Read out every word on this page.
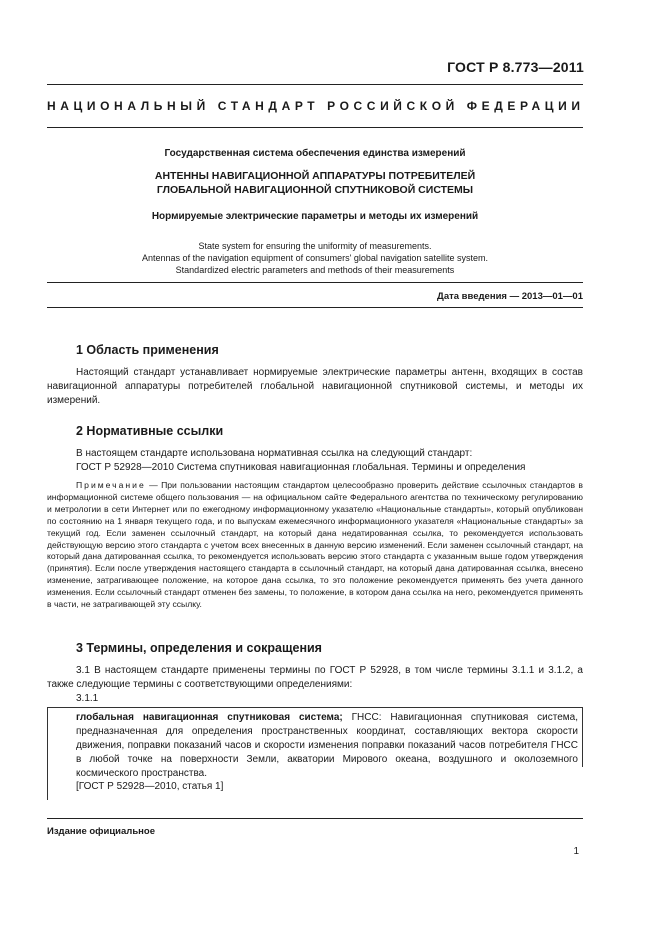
ГОСТ Р 8.773—2011
НАЦИОНАЛЬНЫЙ СТАНДАРТ РОССИЙСКОЙ ФЕДЕРАЦИИ
Государственная система обеспечения единства измерений
АНТЕННЫ НАВИГАЦИОННОЙ АППАРАТУРЫ ПОТРЕБИТЕЛЕЙ
ГЛОБАЛЬНОЙ НАВИГАЦИОННОЙ СПУТНИКОВОЙ СИСТЕМЫ
Нормируемые электрические параметры и методы их измерений
State system for ensuring the uniformity of measurements.
Antennas of the navigation equipment of consumers' global navigation satellite system.
Standardized electric parameters and methods of their measurements
Дата введения — 2013—01—01
1 Область применения
Настоящий стандарт устанавливает нормируемые электрические параметры антенн, входящих в состав навигационной аппаратуры потребителей глобальной навигационной спутниковой системы, и методы их измерений.
2 Нормативные ссылки
В настоящем стандарте использована нормативная ссылка на следующий стандарт:
ГОСТ Р 52928—2010 Система спутниковая навигационная глобальная. Термины и определения
Примечание — При пользовании настоящим стандартом целесообразно проверить действие ссылочных стандартов в информационной системе общего пользования — на официальном сайте Федерального агентства по техническому регулированию и метрологии в сети Интернет или по ежегодному информационному указателю «Национальные стандарты», который опубликован по состоянию на 1 января текущего года, и по выпускам ежемесячного информационного указателя «Национальные стандарты» за текущий год. Если заменен ссылочный стандарт, на который дана недатированная ссылка, то рекомендуется использовать действующую версию этого стандарта с учетом всех внесенных в данную версию изменений. Если заменен ссылочный стандарт, на который дана датированная ссылка, то рекомендуется использовать версию этого стандарта с указанным выше годом утверждения (принятия). Если после утверждения настоящего стандарта в ссылочный стандарт, на который дана датированная ссылка, внесено изменение, затрагивающее положение, на которое дана ссылка, то это положение рекомендуется применять без учета данного изменения. Если ссылочный стандарт отменен без замены, то положение, в котором дана ссылка на него, рекомендуется применять в части, не затрагивающей эту ссылку.
3 Термины, определения и сокращения
3.1 В настоящем стандарте применены термины по ГОСТ Р 52928, в том числе термины 3.1.1 и 3.1.2, а также следующие термины с соответствующими определениями:
3.1.1
глобальная навигационная спутниковая система; ГНСС: Навигационная спутниковая система, предназначенная для определения пространственных координат, составляющих вектора скорости движения, поправки показаний часов и скорости изменения поправки показаний часов потребителя ГНСС в любой точке на поверхности Земли, акватории Мирового океана, воздушного и околоземного космического пространства.
[ГОСТ Р 52928—2010, статья 1]
Издание официальное
1
